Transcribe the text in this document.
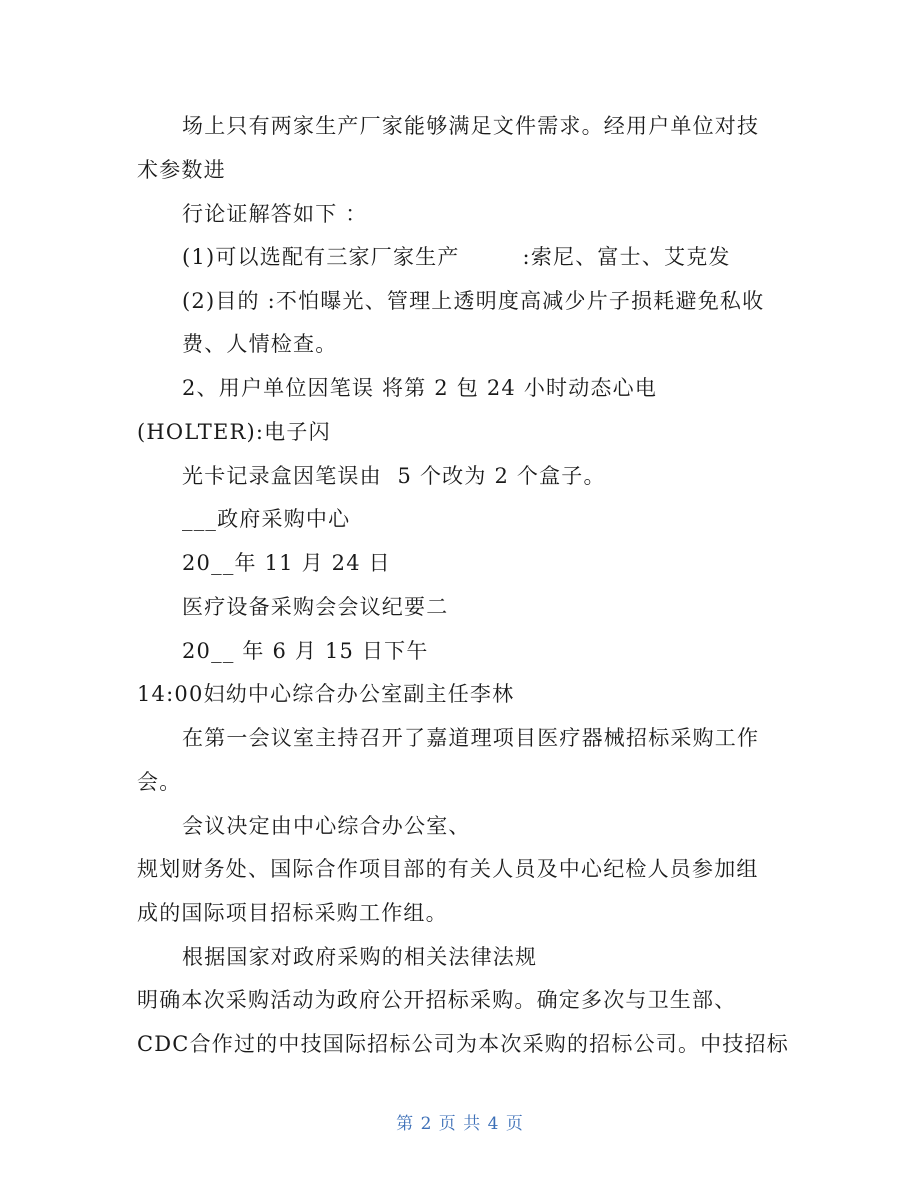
场上只有两家生产厂家能够满足文件需求。经用户单位对技
术参数进
行论证解答如下 ：
(1)可以选配有三家厂家生产        :索尼、富士、艾克发
(2)目的 :不怕曝光、管理上透明度高减少片子损耗避免私收
费、人情检查。
2、用户单位因笔误 将第 2 包 24 小时动态心电
(HOLTER):电子闪
光卡记录盒因笔误由  5 个改为 2 个盒子。
___政府采购中心
20__年 11 月 24 日
医疗设备采购会会议纪要二
20__ 年 6 月 15 日下午
14:00妇幼中心综合办公室副主任李林
在第一会议室主持召开了嘉道理项目医疗器械招标采购工作
会。
会议决定由中心综合办公室、
规划财务处、国际合作项目部的有关人员及中心纪检人员参加组
成的国际项目招标采购工作组。
根据国家对政府采购的相关法律法规
明确本次采购活动为政府公开招标采购。确定多次与卫生部、
CDC合作过的中技国际招标公司为本次采购的招标公司。中技招标
第 2 页 共 4 页
